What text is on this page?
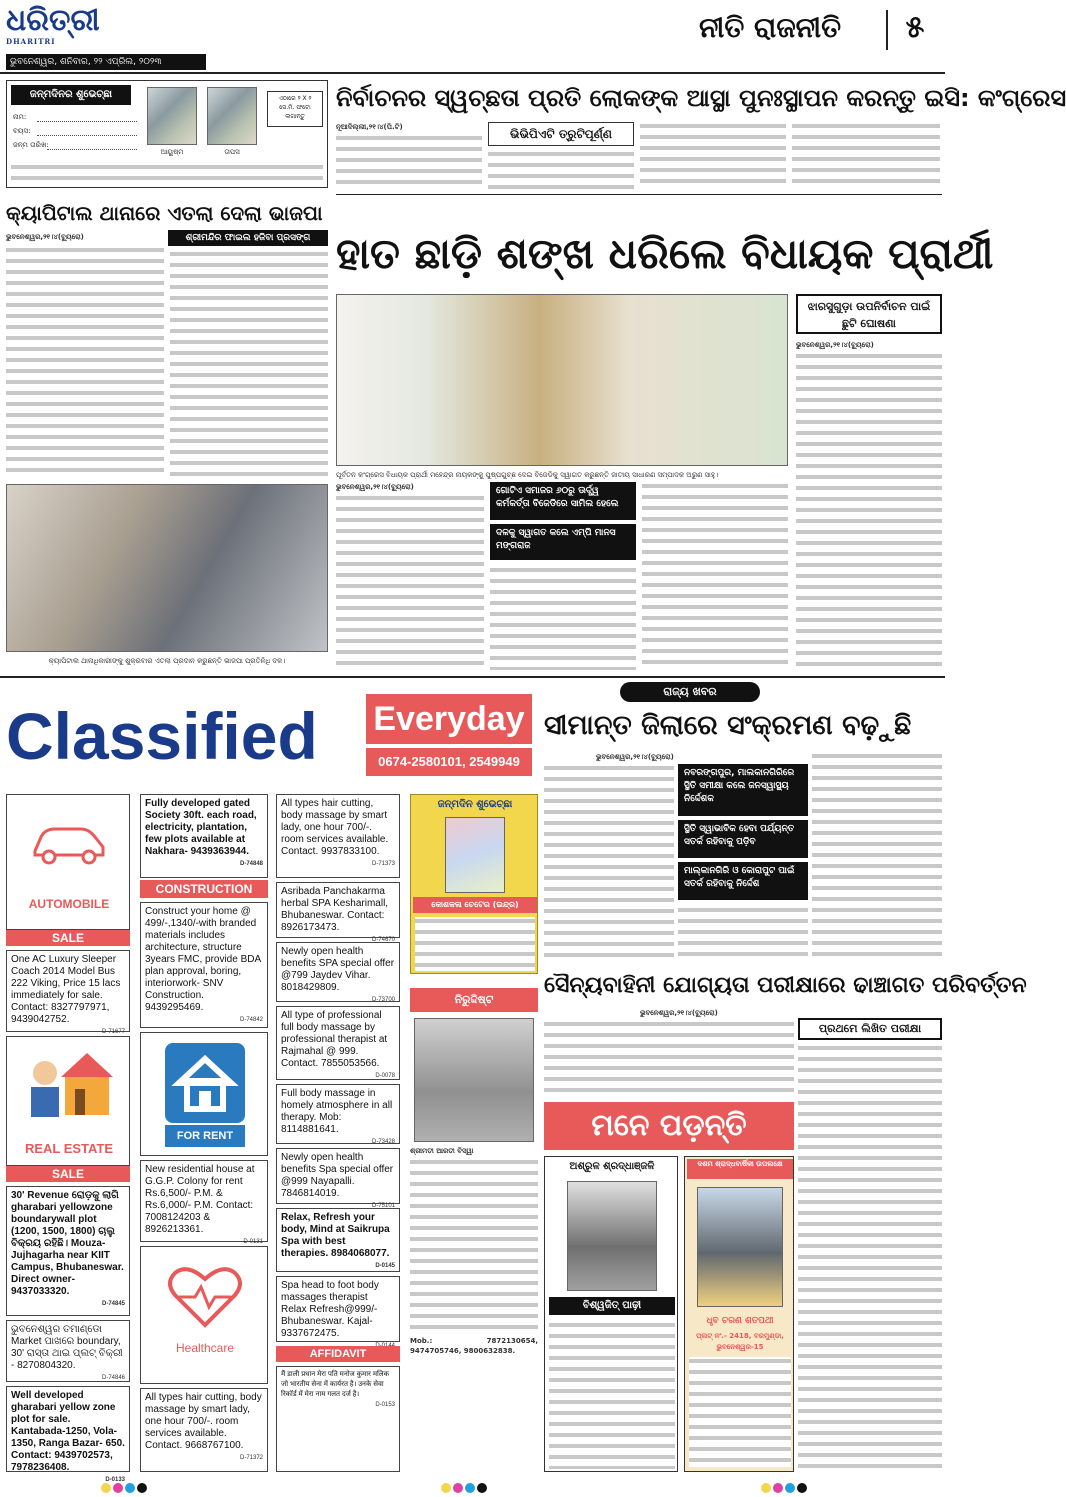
ଧରିତ୍ରୀ
DHARITRI
ଭୁବନେଶ୍ୱର, ଶନିବାର, ୨୨ ଏପ୍ରିଲ, ୨୦୨୩
ନୀତି ରାଜନୀତି	୫
ଜନ୍ମଦିନର ଶୁଭେଚ୍ଛା
ନାମ:
ବୟସ:
ଜନ୍ମ ତାରିଖ:
ଆୟୁଷ୍ମ	ତାପସ
ଏଠାରେ ୨ X ୨ ସେ.ମି. ଫଟୋ ଲଗାନ୍ତୁ
ନିର୍ବାଚନର ସ୍ୱଚ୍ଛତା ପ୍ରତି ଲୋକଙ୍କ ଆସ୍ଥା ପୁନଃସ୍ଥାପନ କରନ୍ତୁ ଇସି: କଂଗ୍ରେସ
ନୂଆଦିଲ୍ଲୀ,୨୧।୪(ପି.ଟି)	ଭିଭିପିଏଟି ତ୍ରୁଟିପୂର୍ଣ୍ଣ
କ୍ୟାପିଟାଲ ଥାନାରେ ଏତଲା ଦେଲା ଭାଜପା
ଭୁବନେଶ୍ୱର,୨୧।୪(ବ୍ୟୁରୋ)	ଶ୍ରୀମନ୍ଦିର ଫାଇଲ ହଜିବା ପ୍ରସଙ୍ଗ
କ୍ୟାପିଟାଲ ଥାନାଧିକାରୀଙ୍କୁ ଶୁକ୍ରବାର ଏତଲା ପ୍ରଦାନ କରୁଛନ୍ତି ଭାଜପା ପ୍ରତିନିଧି ଦଳ।
ହାତ ଛାଡ଼ି ଶଙ୍ଖ ଧରିଲେ ବିଧାୟକ ପ୍ରାର୍ଥୀ
ପୂର୍ବତନ କଂଗ୍ରେସ ବିଧାୟକ ପ୍ରାର୍ଥୀ ମହେନ୍ଦ୍ର ନାୟକଙ୍କୁ ପୁଷ୍ପଗୁଚ୍ଛ ଦେଇ ବିଜେଡିକୁ ସ୍ୱାଗତ କରୁଛନ୍ତି ଜାତୀୟ ସାଧାରଣ ସମ୍ପାଦକ ଅରୁଣ ସାହୁ।
ଭୁବନେଶ୍ୱର,୨୧।୪(ବ୍ୟୁରୋ)	ଗୋଟିଏ ସମାଜର ୬୦ରୁ ଊର୍ଦ୍ଧ୍ୱ କର୍ମକର୍ତ୍ତା ବିଜେଡିରେ ସାମିଲ ହେଲେ
ଦଳକୁ ସ୍ୱାଗତ କଲେ ଏମ୍‌ପି ମାନସ ମଙ୍ଗରାଜ
ଝାରସୁଗୁଡ଼ା ଉପନିର୍ବାଚନ ପାଇଁ ଛୁଟି ଘୋଷଣା
ଭୁବନେଶ୍ୱର,୨୧।୪(ବ୍ୟୁରୋ)
Classified	Everyday
0674-2580101, 2549949
ରାଜ୍ୟ ଖବର
ସୀମାନ୍ତ ଜିଲାରେ ସଂକ୍ରମଣ ବଢ଼ୁଛି
ଭୁବନେଶ୍ୱର,୨୧।୪(ବ୍ୟୁରୋ)
ନବରଙ୍ଗପୁର, ମାଲକାନଗିରିରେ ସ୍ଥିତି ସମୀକ୍ଷା କଲେ ଜନସ୍ୱାସ୍ଥ୍ୟ ନିର୍ଦ୍ଦେଶକ
ସ୍ଥିତି ସ୍ୱାଭାବିକ ହେବା ପର୍ଯ୍ୟନ୍ତ ସତର୍କ ରହିବାକୁ ପଡ଼ିବ
ମାଲ୍‌କାନଗିରି ଓ କୋରାପୁଟ ପାଇଁ ସତର୍କ ରହିବାକୁ ନିର୍ଦ୍ଦେଶ
ସୈନ୍ୟବାହିନୀ ଯୋଗ୍ୟତା ପରୀକ୍ଷାରେ ଢାଞ୍ଚାଗତ ପରିବର୍ତ୍ତନ
ଭୁବନେଶ୍ୱର,୨୧।୪(ବ୍ୟୁରୋ)
ପ୍ରଥମେ ଲିଖିତ ପରୀକ୍ଷା
AUTOMOBILE
SALE
One AC Luxury Sleeper Coach 2014 Model Bus 222 Viking, Price 15 lacs immediately for sale. Contact: 8327797971, 9439042752.
D-71677
REAL ESTATE
SALE
30' Revenue ରୋଡ଼କୁ ଲାଗି gharabari yellowzone boundarywall plot (1200, 1500, 1800) ଚାଲୁ ବିକ୍ରୟ ରହିଛି। Mouza- Jujhagarha near KIIT Campus, Bhubaneswar. Direct owner- 9437033320.
D-74845
ଭୁବନେଶ୍ୱର ତମାଣ୍ଡୋ Market ପାଖରେ boundary, 30' ରାସ୍ତା ଥାଇ ପ୍ଲଟ୍ ବିକ୍ରୀ - 8270804320.
D-74846
Well developed gharabari yellow zone plot for sale. Kantabada-1250, Vola-1350, Ranga Bazar- 650. Contact: 9439702573, 7978236408.
D-0133
Fully developed gated Society 30ft. each road, electricity, plantation, few plots available at Nakhara- 9439363944.
D-74848
CONSTRUCTION
Construct your home @ 499/-,1340/-with branded materials includes architecture, structure 3years FMC, provide BDA plan approval, boring, interiorwork- SNV Construction. 9439295469.
D-74842
FOR RENT
New residential house at G.G.P. Colony for rent Rs.6,500/- P.M. & Rs.6,000/- P.M. Contact: 7008124203 & 8926213361.
D-0131
Healthcare
All types hair cutting, body massage by smart lady, one hour 700/-. room services available. Contact. 9668767100.
D-71372
All types hair cutting, body massage by smart lady, one hour 700/-. room services available. Contact. 9937833100.
D-71373
Asribada Panchakarma herbal SPA Kesharimall, Bhubaneswar. Contact: 8926173473.
D-74670
Newly open health benefits SPA special offer @799 Jaydev Vihar. 8018429809.
D-73700
All type of professional full body massage by professional therapist at Rajmahal @ 999. Contact. 7855053566.
D-0078
Full body massage in homely atmosphere in all therapy. Mob: 8114881641.
D-73428
Newly open health benefits Spa special offer @999 Nayapalli. 7846814019.
D-75101
Relax, Refresh your body, Mind at Saikrupa Spa with best therapies. 8984068077.
D-0145
Spa head to foot body massages therapist Relax Refresh@999/- Bhubaneswar. Kajal- 9337672475.
AFFIDAVIT
मैं डाली प्रधान मेरा पति मनोज कुमार मलिक जो भारतीय सेना में कार्यरत है। उनके सेवा रिकॉर्ड में मेरा नाम गलत दर्ज है।
D-0153
ଜନ୍ମଦିନ ଶୁଭେଚ୍ଛା
କୋଶକଳା ଚେଟେର (ଇନ୍ଦ୍ର)
ନିରୁଦ୍ଦିଷ୍ଟ
ଶ୍ରୀମତୀ ଆରତୀ ବିସ୍ୱା
Mob.: 7872130654, 9474705746, 9800632838.
ମନେ ପଡ଼ନ୍ତି
ଅଶ୍ରୁଳ ଶ୍ରଦ୍ଧାଞ୍ଜଳି
ବିଶ୍ୱଜିତ୍ ପାଢ଼ୀ
ଦଶମ ଶ୍ରାଦ୍ଧବାର୍ଷିକୀ ଉପଲକ୍ଷେ
ଧୃବ ଚରଣ ଶତପଥୀ
ପ୍ଲଟ୍ ନଂ.- 2418, ବରମୁଣ୍ଡା, ଭୁବନେଶ୍ୱର-15
